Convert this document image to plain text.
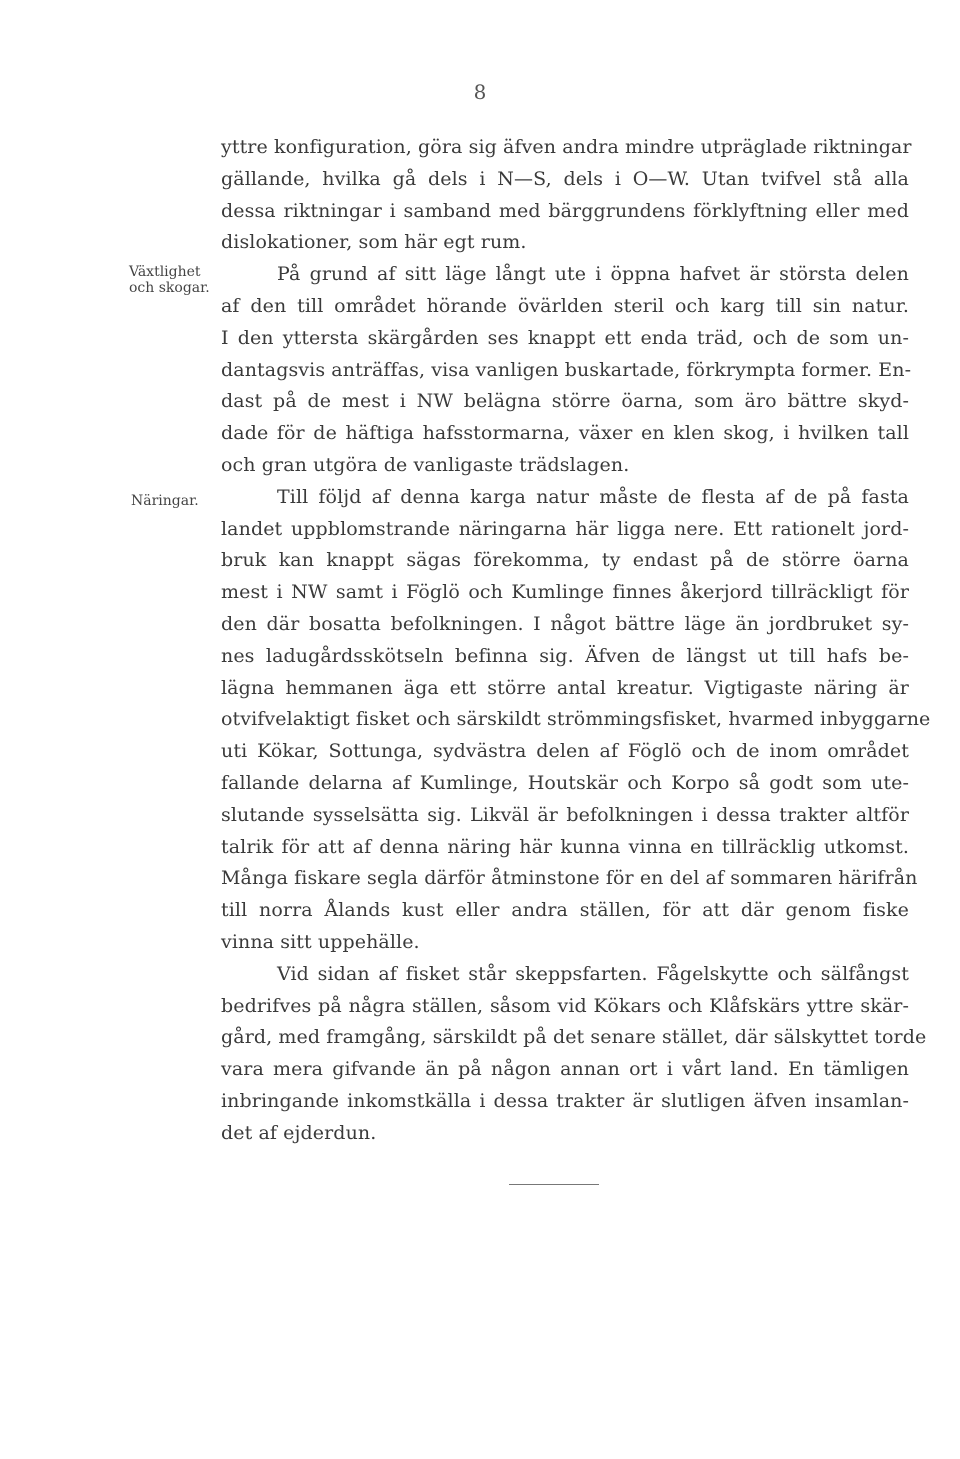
8
Växtlighet
och skogar.
Näringar.
yttre konfiguration, göra sig äfven andra mindre utpräglade riktningar
gällande, hvilka gå dels i N—S, dels i O—W. Utan tvifvel stå alla
dessa riktningar i samband med bärggrundens förklyftning eller med
dislokationer, som här egt rum.
På grund af sitt läge långt ute i öppna hafvet är största delen
af den till området hörande övärlden steril och karg till sin natur.
I den yttersta skärgården ses knappt ett enda träd, och de som un-
dantagsvis anträffas, visa vanligen buskartade, förkrympta former. En-
dast på de mest i NW belägna större öarna, som äro bättre skyd-
dade för de häftiga hafsstormarna, växer en klen skog, i hvilken tall
och gran utgöra de vanligaste trädslagen.
Till följd af denna karga natur måste de flesta af de på fasta
landet uppblomstrande näringarna här ligga nere. Ett rationelt jord-
bruk kan knappt sägas förekomma, ty endast på de större öarna
mest i NW samt i Föglö och Kumlinge finnes åkerjord tillräckligt för
den där bosatta befolkningen. I något bättre läge än jordbruket sy-
nes ladugårdsskötseln befinna sig. Äfven de längst ut till hafs be-
lägna hemmanen äga ett större antal kreatur. Vigtigaste näring är
otvifvelaktigt fisket och särskildt strömmingsfisket, hvarmed inbyggarne
uti Kökar, Sottunga, sydvästra delen af Föglö och de inom området
fallande delarna af Kumlinge, Houtskär och Korpo så godt som ute-
slutande sysselsätta sig. Likväl är befolkningen i dessa trakter altför
talrik för att af denna näring här kunna vinna en tillräcklig utkomst.
Många fiskare segla därför åtminstone för en del af sommaren härifrån
till norra Ålands kust eller andra ställen, för att där genom fiske
vinna sitt uppehälle.
Vid sidan af fisket står skeppsfarten. Fågelskytte och sälfångst
bedrifves på några ställen, såsom vid Kökars och Klåfskärs yttre skär-
gård, med framgång, särskildt på det senare stället, där sälskyttet torde
vara mera gifvande än på någon annan ort i vårt land. En tämligen
inbringande inkomstkälla i dessa trakter är slutligen äfven insamlan-
det af ejderdun.
